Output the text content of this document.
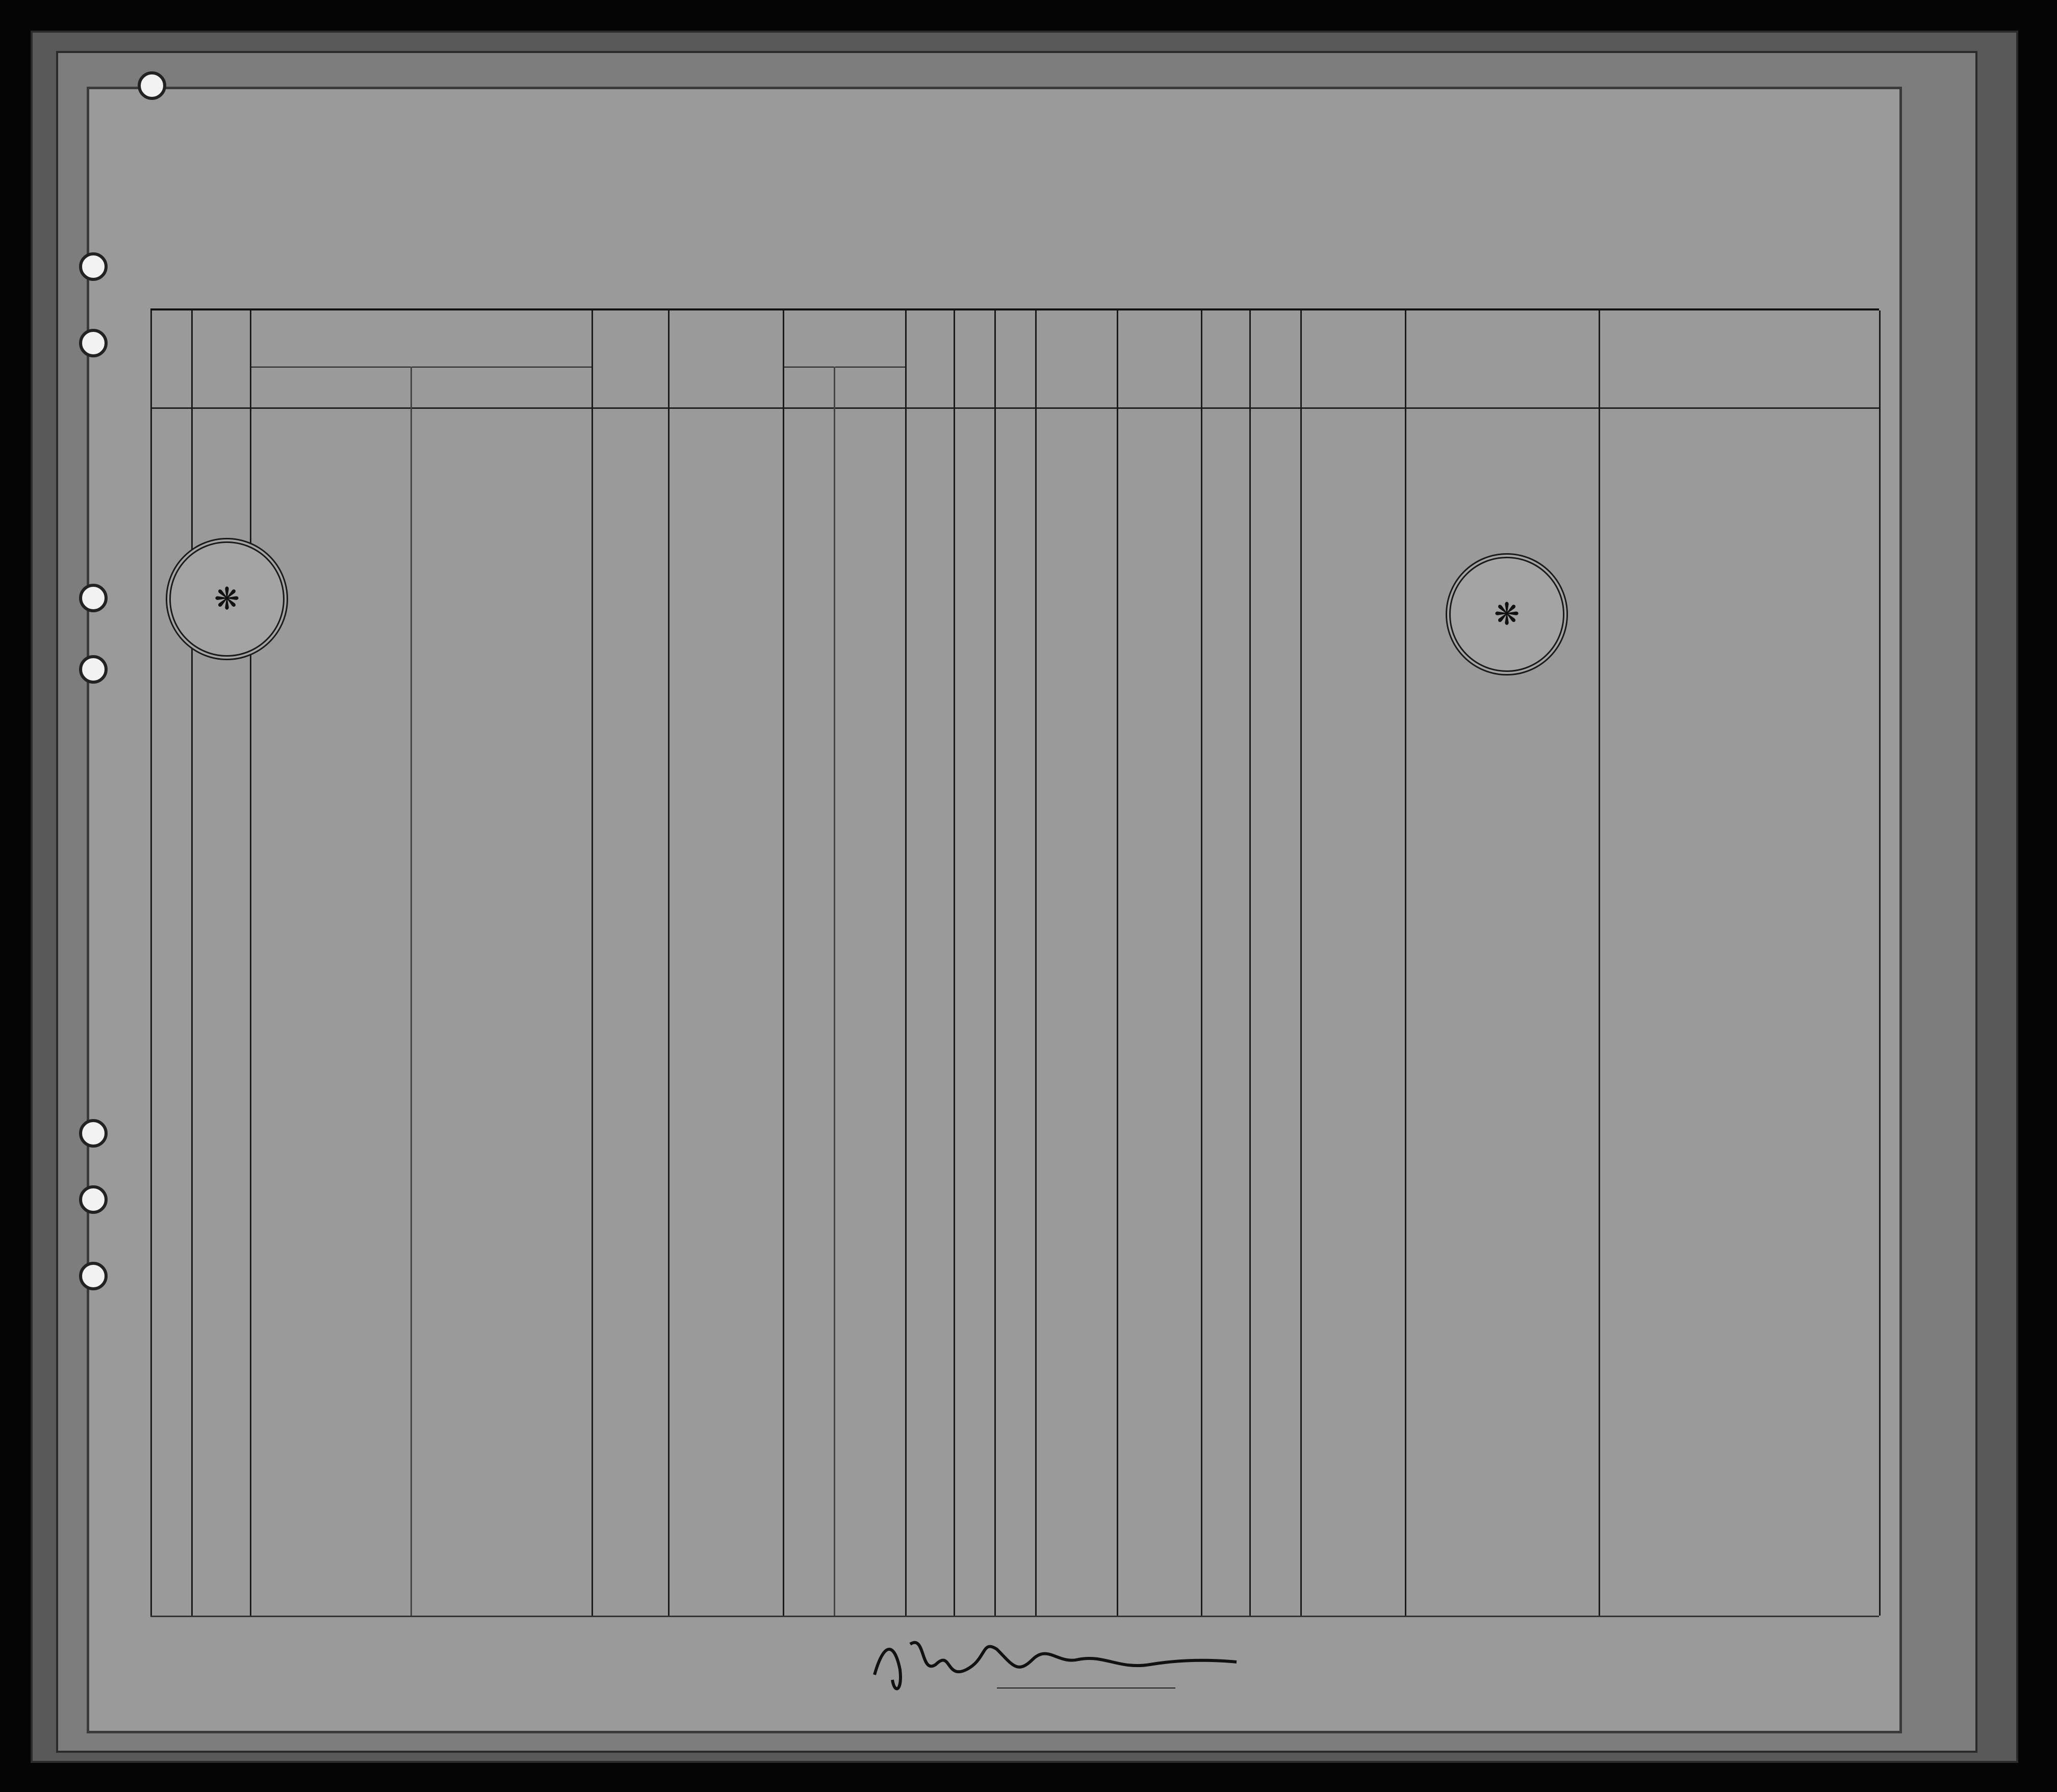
❋	❋
